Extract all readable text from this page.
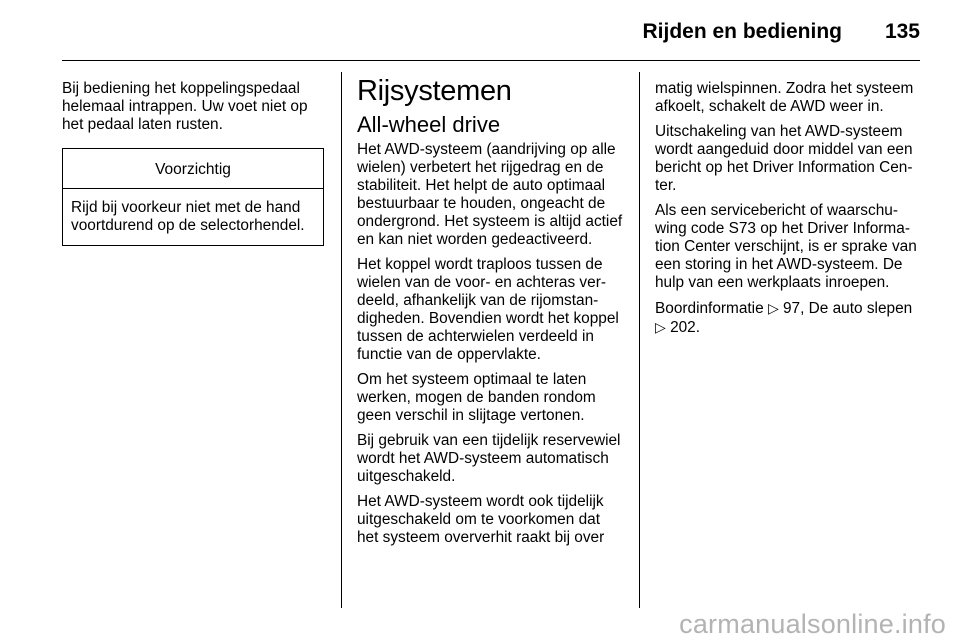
Rijden en bediening 135

Bij bediening het koppelingspedaal helemaal intrappen. Uw voet niet op het pedaal laten rusten.

Voorzichtig
Rijd bij voorkeur niet met de hand voortdurend op de selectorhendel.
Rijsystemen
All-wheel drive

Het AWD-systeem (aandrijving op alle wielen) verbetert het rijgedrag en de stabiliteit. Het helpt de auto optimaal bestuurbaar te houden, ongeacht de ondergrond. Het systeem is altijd actief en kan niet worden gedeactiveerd.

Het koppel wordt traploos tussen de wielen van de voor- en achteras verdeeld, afhankelijk van de rijomstandigheden. Bovendien wordt het koppel tussen de achterwielen verdeeld in functie van de oppervlakte.

Om het systeem optimaal te laten werken, mogen de banden rondom geen verschil in slijtage vertonen.

Bij gebruik van een tijdelijk reservewiel wordt het AWD-systeem automatisch uitgeschakeld.

Het AWD-systeem wordt ook tijdelijk uitgeschakeld om te voorkomen dat het systeem oververhit raakt bij over

matig wielspinnen. Zodra het systeem afkoelt, schakelt de AWD weer in.

Uitschakeling van het AWD-systeem wordt aangeduid door middel van een bericht op het Driver Information Center.

Als een servicebericht of waarschuwing code S73 op het Driver Information Center verschijnt, is er sprake van een storing in het AWD-systeem. De hulp van een werkplaats inroepen.

Boordinformatie ▷ 97, De auto slepen
▷ 202.

carmanualsonline.info
